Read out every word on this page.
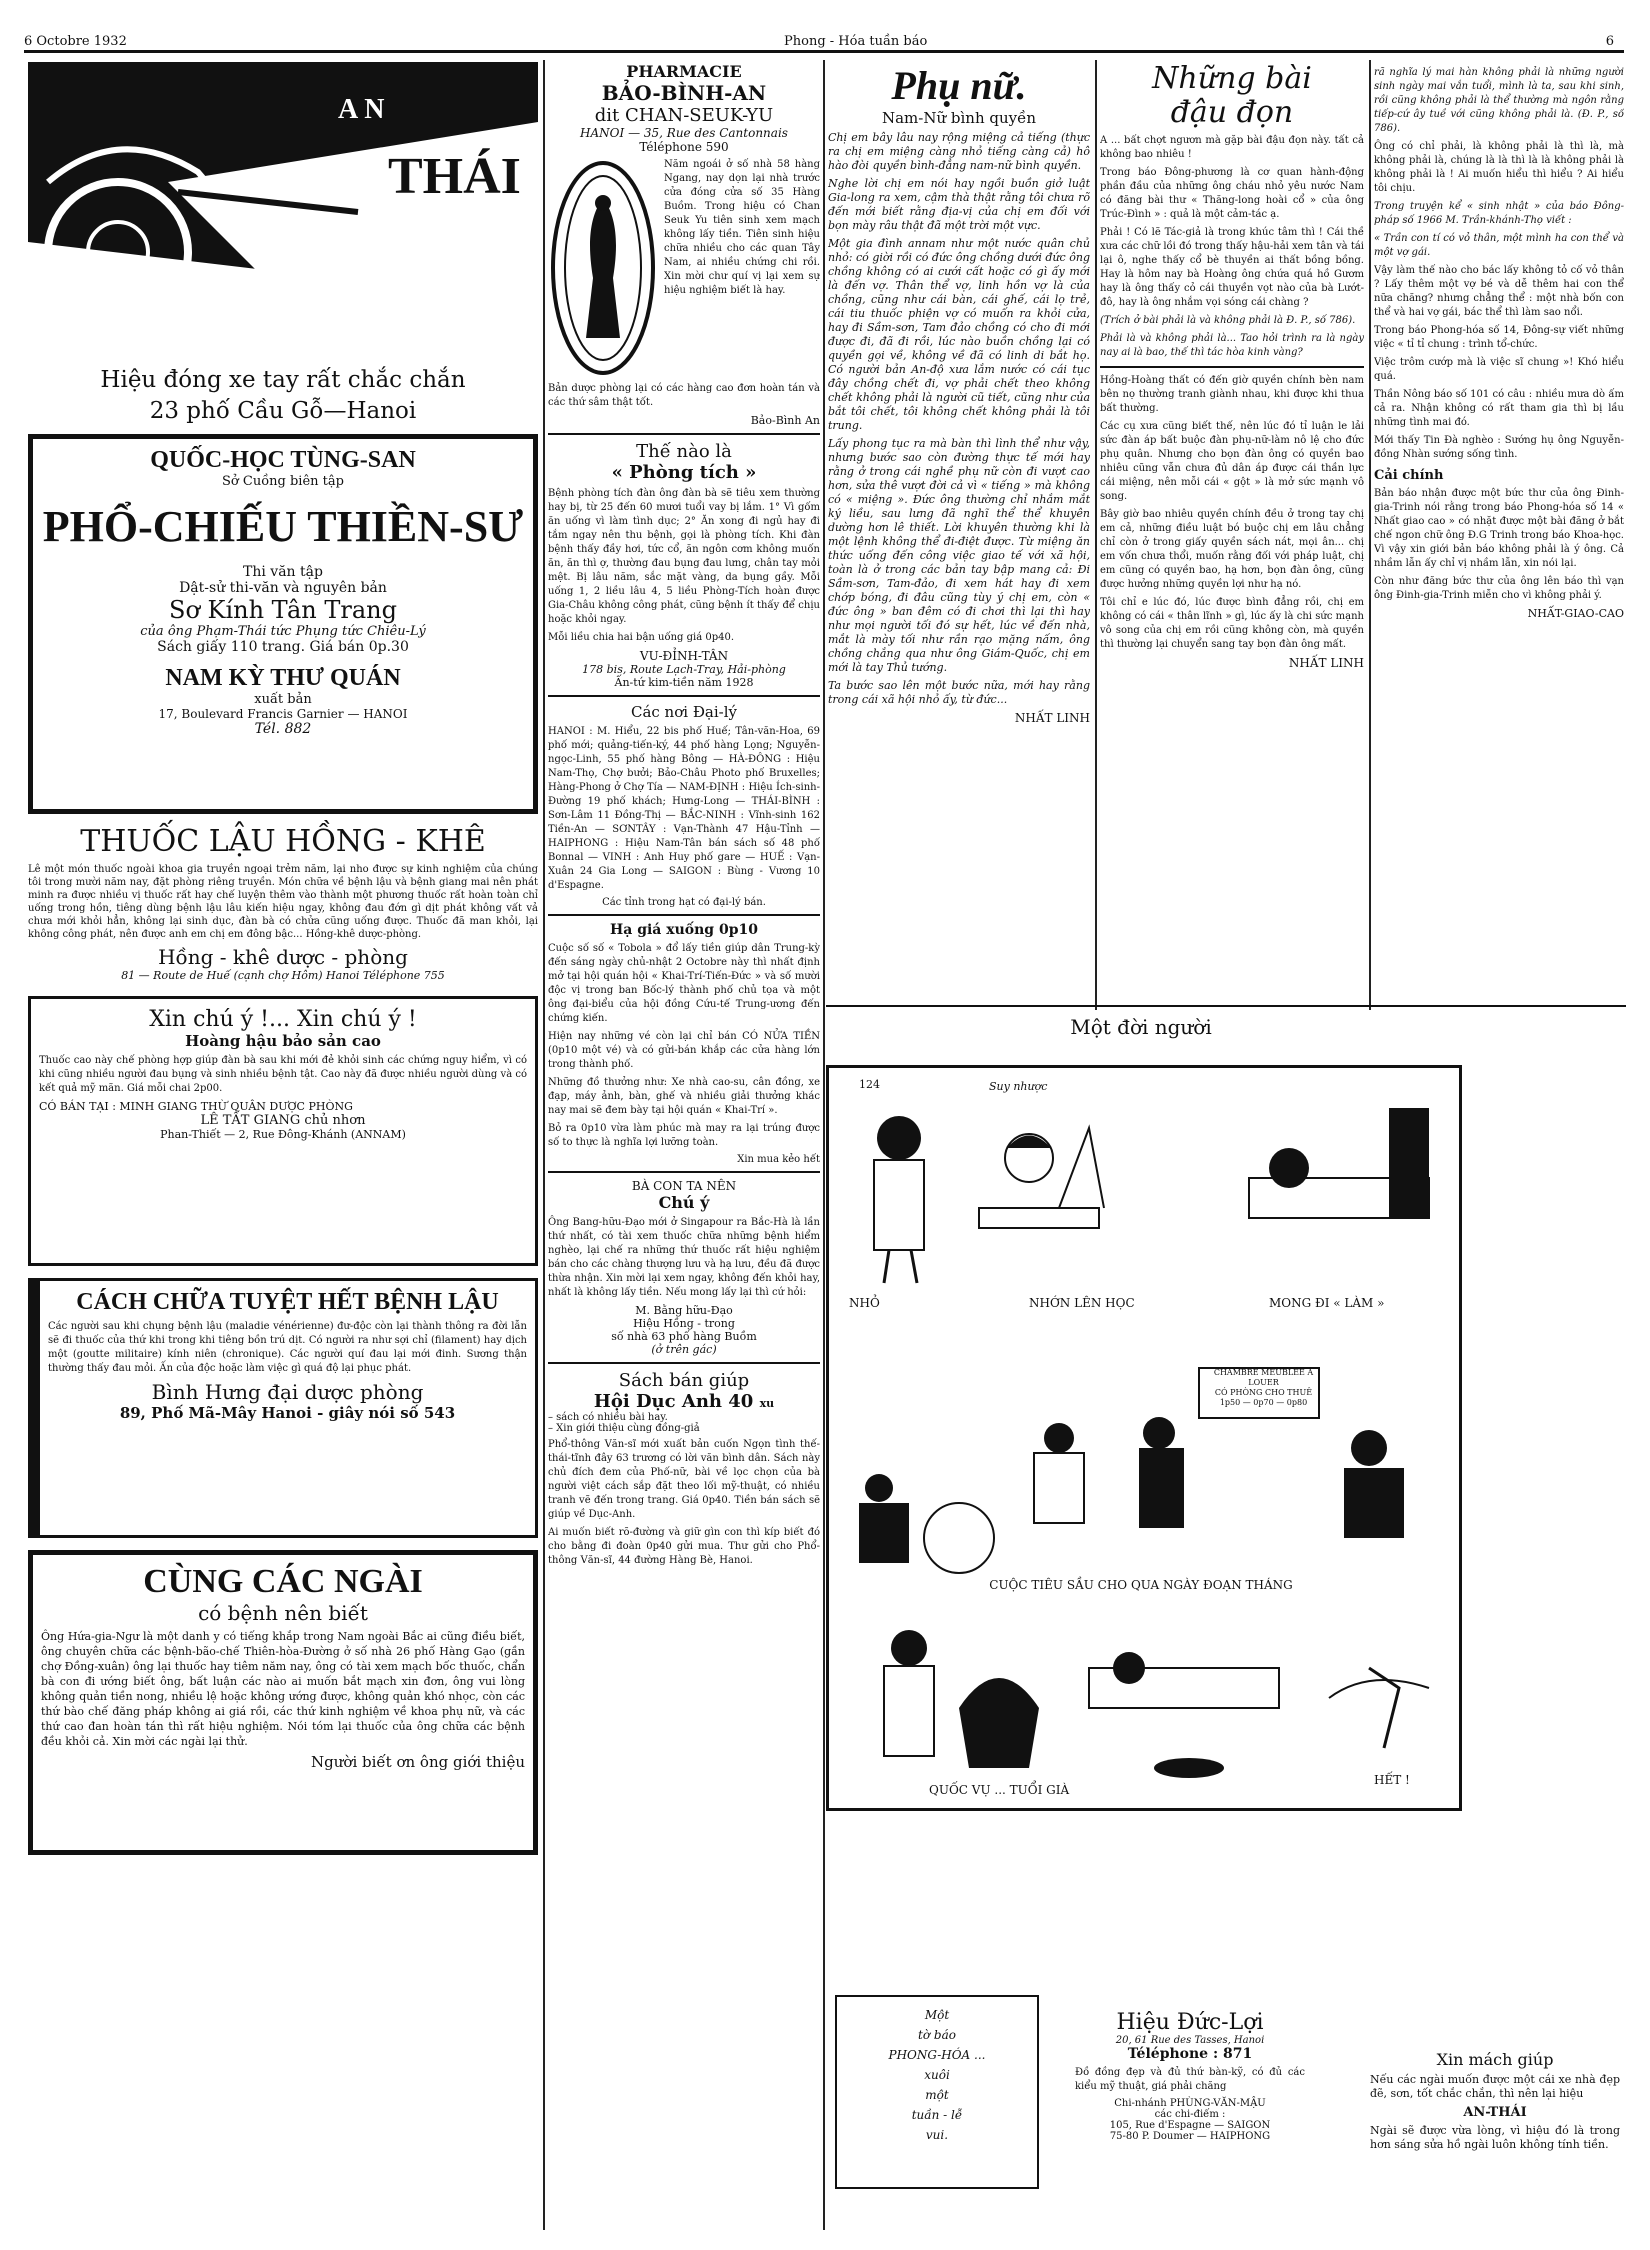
6 Octobre 1932	Phong - Hóa tuần báo	6
AN
THÁI
Hiệu đóng xe tay rất chắc chắn
23 phố Cầu Gỗ—Hanoi
QUỐC-HỌC TÙNG-SAN
Sở Cuồng biên tập
PHỔ-CHIẾU THIỀN-SƯ
Thi văn tập
Dật-sử thi-văn và nguyên bản
Sơ Kính Tân Trang
của ông Phạm-Thái tức Phụng tức Chiêu-Lý
Sách giấy 110 trang. Giá bán 0p.30
NAM KỲ THƯ QUÁN
xuất bản
17, Boulevard Francis Garnier — HANOI
Tél. 882
THUỐC LẬU HỒNG - KHÊ

Lê một món thuốc ngoài khoa gia truyền ngoại trẻm năm, lại nho được sự kinh nghiệm của chúng tôi trong mười năm nay, đặt phòng riêng truyền. Món chữa về bệnh lậu và bệnh giang mai nên phát minh ra được nhiều vị thuốc rất hay chế luyện thêm vào thành một phương thuốc rất hoàn toàn chỉ uống trong hồn, tiêng dùng bệnh lậu lâu kiến hiệu ngay, không đau đớn gì dịt phát không vất vả chưa mới khỏi hẳn, không lại sinh dục, đàn bà có chửa cũng uống được. Thuốc đã man khỏi, lại không công phát, nên được anh em chị em đông bậc... Hồng-khê dược-phòng.

Hồng - khê dược - phòng
81 — Route de Huế (cạnh chợ Hôm) Hanoi Téléphone 755
Xin chú ý !... Xin chú ý !
Hoàng hậu bảo sản cao

Thuốc cao này chế phòng hợp giúp đàn bà sau khi mới đẻ khỏi sinh các chứng nguy hiểm, vì có khi cũng nhiều người đau bụng và sinh nhiều bệnh tật. Cao này đã được nhiều người dùng và có kết quả mỹ mãn. Giá mỗi chai 2p00.

CÓ BÁN TẠI : MINH GIANG THỪ QUÂN DƯỢC PHÒNG
LÊ TẤT GIANG chủ nhơn
Phan-Thiết — 2, Rue Đông-Khánh (ANNAM)
CÁCH CHỮA TUYỆT HẾT BỆNH LẬU

Các người sau khi chụng bệnh lậu (maladie vénérienne) đư-độc còn lại thành thông ra đời lẫn sẽ đi thuốc của thứ khi trong khi tiêng bồn trú dịt. Có người ra như sợi chỉ (filament) hay dịch một (goutte militaire) kính niên (chronique). Các người quí đau lại mới đinh. Sương thận thường thấy đau mỏi. Ấn của độc hoặc làm việc gì quá độ lại phục phát.

Bình Hưng đại dược phòng
89, Phố Mã-Mây Hanoi - giây nói số 543
CÙNG CÁC NGÀI
có bệnh nên biết

Ông Hứa-gia-Ngư là một danh y có tiếng khắp trong Nam ngoài Bắc ai cũng điều biết, ông chuyên chữa các bệnh-bão-chế Thiên-hòa-Đường ở số nhà 26 phố Hàng Gạo (gần chợ Đồng-xuân) ông lại thuốc hay tiêm năm nay, ông có tài xem mạch bốc thuốc, chẩn bà con đi ướng biết ông, bất luận các nào ai muốn bắt mạch xin đơn, ông vui lòng không quản tiền nong, nhiều lệ hoặc không ướng được, không quản khó nhọc, còn các thứ bào chế đăng pháp không ai giá rồi, các thứ kinh nghiệm về khoa phụ nữ, và các thứ cao đan hoàn tán thì rất hiệu nghiệm. Nói tóm lại thuốc của ông chữa các bệnh đều khỏi cả. Xin mời các ngài lại thử.

Người biết ơn ông giới thiệu
PHARMACIE
BẢO-BÌNH-AN
dit CHAN-SEUK-YU
HANOI — 35, Rue des Cantonnais
Téléphone 590

Năm ngoái ở số nhà 58 hàng Ngang, nay dọn lại nhà trước cửa đóng cửa số 35 Hàng Buồm. Trong hiệu có Chan Seuk Yu tiên sinh xem mạch không lấy tiền. Tiên sinh hiệu chữa nhiều cho các quan Tây Nam, ai nhiều chứng chi rồi. Xin mời chư quí vị lại xem sự hiệu nghiệm biết là hay.

Bản dược phòng lại có các hàng cao đơn hoàn tán và các thứ sâm thật tốt.

Bảo-Bình An
Thế nào là
« Phòng tích »

Bệnh phòng tích đàn ông đàn bà sẽ tiêu xem thường hay bị, từ 25 đến 60 mươi tuổi vay bị lắm. 1° Vì gốm ăn uống vì làm tình dục; 2° Ăn xong đi ngủ hay đi tắm ngay nên thu bệnh, gọi là phòng tích. Khi đàn bệnh thấy đầy hơi, tức cổ, ăn ngôn cơm không muốn ăn, ăn thì ợ, thường đau bụng đau lưng, chân tay mỏi mệt. Bị lâu năm, sắc mặt vàng, da bụng gầy. Mỗi uống 1, 2 liều lâu 4, 5 liều Phòng-Tích hoàn được Gia-Châu không công phát, cũng bệnh ít thấy để chịu hoặc khỏi ngay.

Mỗi liều chia hai bận uống giá 0p40.

VU-ĐỈNH-TÂN
178 bis, Route Lạch-Tray, Hải-phòng
Ấn-tứ kim-tiền năm 1928
Các nơi Đại-lý

HANOI : M. Hiểu, 22 bis phố Huế; Tân-văn-Hoa, 69 phố mới; quảng-tiến-ký, 44 phố hàng Lọng; Nguyễn-ngọc-Linh, 55 phố hàng Bông — HÀ-ĐÔNG : Hiệu Nam-Thọ, Chợ bưởi; Bảo-Châu Photo phố Bruxelles; Hàng-Phong ở Chợ Tía — NAM-ĐỊNH : Hiệu Ích-sinh-Đường 19 phố khách; Hưng-Long — THÁI-BÌNH : Sơn-Lâm 11 Đồng-Thị — BẮC-NINH : Vĩnh-sinh 162 Tiền-An — SƠNTÂY : Vạn-Thành 47 Hậu-Tỉnh — HAIPHONG : Hiệu Nam-Tân bán sách số 48 phố Bonnal — VINH : Anh Huy phố gare — HUẾ : Vạn-Xuân 24 Gia Long — SAIGON : Bùng - Vương 10 d'Espagne.

Các tỉnh trong hạt có đại-lý bán.
Hạ giá xuống 0p10

Cuộc số số « Tobola » đổ lấy tiền giúp dân Trung-kỳ đến sáng ngày chủ-nhật 2 Octobre này thì nhất định mở tại hội quán hội « Khai-Trí-Tiến-Đức » và số mười độc vị trong ban Bốc-lý thành phố chủ tọa và một ông đại-biểu của hội đồng Cứu-tế Trung-ương đến chứng kiến.

Hiện nay những vé còn lại chỉ bán CÓ NỬA TIỀN (0p10 một vé) và có gửi-bán khắp các cửa hàng lớn trong thành phố.

Những đồ thưởng như: Xe nhà cao-su, cân đồng, xe đạp, máy ảnh, bàn, ghế và nhiều giải thưởng khác nay mai sẽ đem bày tại hội quán « Khai-Trí ».

Bỏ ra 0p10 vừa làm phúc mà may ra lại trúng được số to thực là nghĩa lợi lưỡng toàn.

Xin mua kẻo hết
BÀ CON TA NÊN
Chú ý

Ông Bang-hữu-Đạo mới ở Singapour ra Bắc-Hà là lần thứ nhất, có tài xem thuốc chữa những bệnh hiểm nghèo, lại chế ra những thứ thuốc rất hiệu nghiệm bán cho các chàng thượng lưu và hạ lưu, đều đã được thừa nhận. Xin mời lại xem ngay, không đến khỏi hay, nhất là không lấy tiền. Nếu mong lấy lại thì cứ hỏi:

M. Bằng hữu-Đạo
Hiệu Hồng - trong
số nhà 63 phố hàng Buồm
(ở trên gác)
Sách bán giúp
Hội Dục Anh 40 xu
– sách có nhiều bài hay.
– Xin giới thiệu cùng đồng-giả

Phổ-thông Văn-sĩ mới xuất bản cuốn Ngọn tình thế-thái-tĩnh đây 63 trương có lời văn bình dân. Sách này chủ đích đem của Phố-nữ, bài về lọc chọn của bà người việt cách sắp đặt theo lối mỹ-thuật, có nhiều tranh vẽ đến trong trang. Giá 0p40. Tiền bán sách sẽ giúp về Dục-Anh.

Ai muốn biết rõ-đường và giữ gìn con thì kíp biết đó cho bằng đi đoàn 0p40 gửi mua. Thư gửi cho Phổ-thông Văn-sĩ, 44 đường Hàng Bè, Hanoi.

Phụ nữ.
Nam-Nữ bình quyền

Chị em bây lâu nay rộng miệng cả tiếng (thực ra chị em miệng càng nhỏ tiếng càng cả) hô hào đòi quyền bình-đẳng nam-nữ bình quyền.

Nghe lời chị em nói hay ngồi buồn giở luật Gia-long ra xem, cậm thà thật rằng tôi chưa rõ đến mới biết rằng địa-vị của chị em đối với bọn mày râu thật đã một trời một vực.

Một gia đình annam như một nước quân chủ nhỏ: có giời rồi có đức ông chồng dưới đức ông chồng không có ai cưới cất hoặc có gì ấy mới là đến vợ. Thân thể vợ, linh hồn vợ là của chồng, cũng như cái bàn, cái ghế, cái lọ trẻ, cái tiu thuốc phiện vợ có muốn ra khỏi cửa, hay đi Sầm-sơn, Tam đảo chồng có cho đi mới được đi, đã đi rồi, lúc nào buồn chồng lại có quyền gọi về, không về đã có linh di bắt họ. Có người bản An-độ xưa lắm nước có cái tục đây chồng chết đi, vợ phải chết theo không chết không phải là người cũ tiết, cũng như của bắt tôi chết, tôi không chết không phải là tôi trung.

Lấy phong tục ra mà bàn thì lình thể như vậy, nhưng bước sao còn đường thực tế mới hay rằng ở trong cái nghề phụ nữ còn đi vượt cao hơn, sửa thê vượt đời cả vì « tiếng » mà không có « miệng ». Đức ông thường chỉ nhắm mắt ký liều, sau lưng đã nghĩ thể thể khuyên dường hơn lê thiết. Lời khuyên thường khi là một lệnh không thể đi-điệt được. Từ miệng ăn thức uống đến công việc giao tế với xã hội, toàn là ở trong các bản tay bập mang cả: Đi Sầm-sơn, Tam-đảo, đi xem hát hay đi xem chớp bóng, đi đâu cũng tùy ý chị em, còn « đức ông » ban đêm có đi chơi thì lại thì hay như mọi người tối đó sự hết, lúc về đến nhà, mắt là mày tối như rần rạo mặng nấm, ông chồng chắng qua như ông Giám-Quốc, chị em mới là tay Thủ tướng.

Ta bước sao lên một bước nữa, mới hay rằng trong cái xã hội nhỏ ấy, từ đức...

NHẤT LINH
Những bài
đậu đọn

A ... bất chợt ngươn mà gặp bài đậu đọn này. tất cả không bao nhiêu !

Trong báo Đông-phương là cơ quan hành-động phần đầu của những ông cháu nhỏ yêu nước Nam có đăng bài thư « Thăng-long hoài cổ » của ông Trúc-Đình » : quả là một cảm-tác ạ.

Phải ! Có lẽ Tác-giả là trong khúc tâm thì ! Cái thề xưa các chữ lồi đó trong thấy hậu-hải xem tân và tái lại ô, nghe thấy cổ bè thuyền ai thất bồng bồng. Hay là hôm nay bà Hoàng ông chứa quá hồ Gươm hay là ông thấy cỏ cái thuyền vọt nào của bà Lướt-đô, hay là ông nhắm vọi sóng cái chàng ?

(Trích ở bài phải là và không phải là Đ. P., số 786).

Phải là và không phải là... Tao hỏi trình ra là ngày nay ai là bao, thế thì tác hòa kinh vàng?

Hồng-Hoàng thất có đến giờ quyền chính bèn nam bên nọ thường tranh giành nhau, khi được khi thua bất thường.

Các cụ xưa cũng biết thế, nên lúc đó tỉ luận le lải sức đàn áp bất buộc đàn phụ-nữ-làm nô lệ cho đức phụ quân. Nhưng cho bọn đàn ông có quyền bao nhiêu cũng vẫn chưa đủ dân áp được cái thần lực cái miệng, nên mỗi cái « gột » là mở sức mạnh vô song.

Bây giờ bao nhiêu quyền chính đều ở trong tay chị em cả, những điều luật bó buộc chị em lâu chẳng chỉ còn ở trong giấy quyền sách nát, mọi ân... chị em vốn chưa thổi, muốn rằng đối với pháp luật, chị em cũng có quyền bao, hạ hơn, bọn đàn ông, cũng được hưởng những quyền lợi như hạ nó.

Tôi chỉ e lúc đó, lúc được bình đẳng rồi, chị em không có cái « thân lĩnh » gì, lúc ấy là chi sức mạnh vô song của chị em rồi cũng không còn, mà quyền thì thường lại chuyển sang tay bọn đàn ông mất.

NHẤT LINH

rã nghĩa lý mai hàn không phải là những người sinh ngày mai vắn tuổi, mình là ta, sau khi sinh, rồi cũng không phải là thể thường mà ngôn rằng tiếp-cứ ây tuề với cũng không phải là. (Đ. P., số 786).

Ông có chỉ phải, là không phải là thì là, mà không phải là, chúng là là thì là là không phải là không phải là ! Ai muốn hiểu thì hiểu ? Ai hiểu tôi chịu.

Trong truyện kể « sinh nhật » của báo Đông-pháp số 1966 M. Trần-khánh-Thọ viết :

« Trần con tí có vỏ thân, một mình ha con thể và một vợ gái.

Vậy làm thế nào cho bác lấy không tỏ cố vỏ thân ? Lấy thêm một vợ bé và dễ thêm hai con thể nữa chăng? nhưng chẳng thể : một nhà bốn con thể và hai vợ gái, bác thể thì làm sao nổi.

Trong báo Phong-hóa số 14, Đông-sự viết những việc « tỉ tỉ chung : trình tổ-chức.

Việc trôm cướp mà là việc sĩ chung »! Khó hiểu quá.

Thần Nông báo số 101 có câu : nhiều mưa dò ấm cả ra. Nhận không có rất tham gia thì bị lầu những tình mai đó.

Mới thấy Tin Đà nghèo : Sướng hụ ông Nguyễn-đồng Nhàn sướng sống tình.

Cải chính

Bản báo nhận được một bức thư của ông Đinh-gia-Trinh nói rằng trong báo Phong-hóa số 14 « Nhất giao cao » có nhặt được một bài đăng ở bắt chế ngon chữ ông Đ.G Trinh trong báo Khoa-học. Vì vậy xin giới bản báo không phải là ý ông. Cả nhầm lẫn ấy chỉ vị nhầm lẫn, xin nói lại.

Còn như đăng bức thư của ông lên báo thì vạn ông Đinh-gia-Trinh miễn cho vì không phải ý.

NHẤT-GIAO-CAO
Một đời người
124	Suy nhược
NHỎ	NHỚN LÊN HỌC	MONG ĐI « LÀM »
CHAMBRE MEUBLÉE A LOUER
CÓ PHÒNG CHO THUÊ
1p50 — 0p70 — 0p80
CUỘC TIÊU SẦU CHO QUA NGÀY ĐOẠN THÁNG
QUỐC VỤ ... TUỔI GIÀ
HẾT !
Một
tờ báo
PHONG-HÓA ...
xuôi
một
tuần - lễ
vui.
Hiệu Đức-Lợi
20, 61 Rue des Tasses, Hanoi
Téléphone : 871

Đồ đồng đẹp và đủ thứ bàn-kỹ, có đủ các kiểu mỹ thuật, giá phải chăng

Chi-nhánh PHÙNG-VĂN-MẬU
các chi-điếm :
105, Rue d'Espagne — SAIGON
75-80 P. Doumer — HAIPHONG
Xin mách giúp

Nếu các ngài muốn được một cái xe nhà đẹp đẽ, sơn, tốt chắc chắn, thì nên lại hiệu

AN-THÁI

Ngài sẽ được vừa lòng, vì hiệu đó là trong hơn sáng sửa hồ ngài luôn không tính tiền.
